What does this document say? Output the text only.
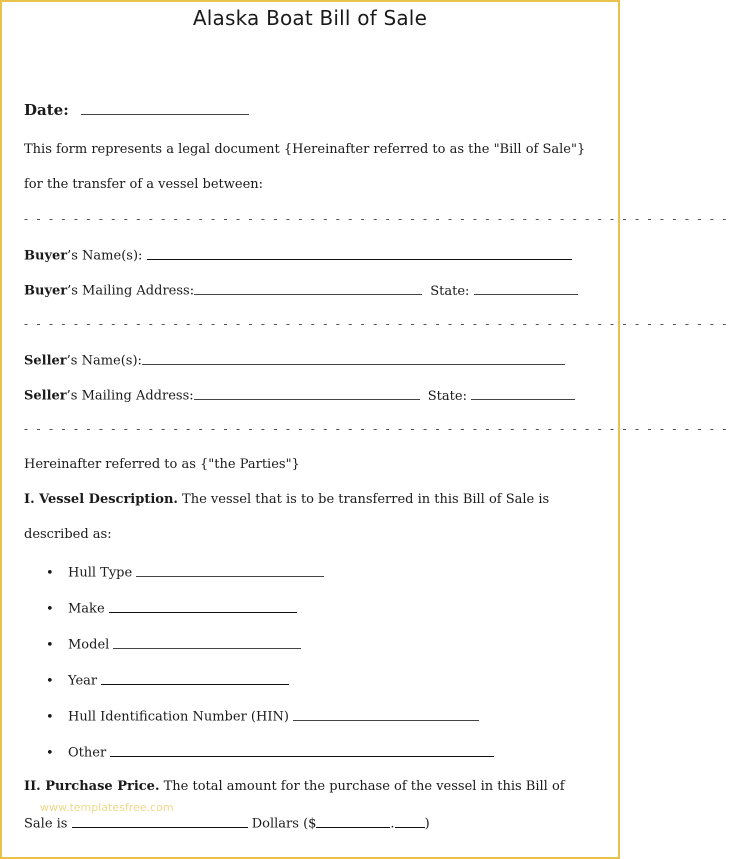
Alaska Boat Bill of Sale
Date:
This form represents a legal document {Hereinafter referred to as the "Bill of Sale"}
for the transfer of a vessel between:
- - - - - - - - - - - - - - - - - - - - - - - - - - - - - - - - - - - - - - - - - - - - - - - - - - - - - - - - -
Buyer’s Name(s):
Buyer’s Mailing Address:	State:
- - - - - - - - - - - - - - - - - - - - - - - - - - - - - - - - - - - - - - - - - - - - - - - - - - - - - - - - -
Seller’s Name(s):
Seller’s Mailing Address:	State:
- - - - - - - - - - - - - - - - - - - - - - - - - - - - - - - - - - - - - - - - - - - - - - - - - - - - - - - - -
Hereinafter referred to as {"the Parties"}
I. Vessel Description. The vessel that is to be transferred in this Bill of Sale is
described as:
• Hull Type
• Make
• Model
• Year
• Hull Identification Number (HIN)
• Other
II. Purchase Price. The total amount for the purchase of the vessel in this Bill of
www.templatesfree.com
Sale is	Dollars ($	. )
